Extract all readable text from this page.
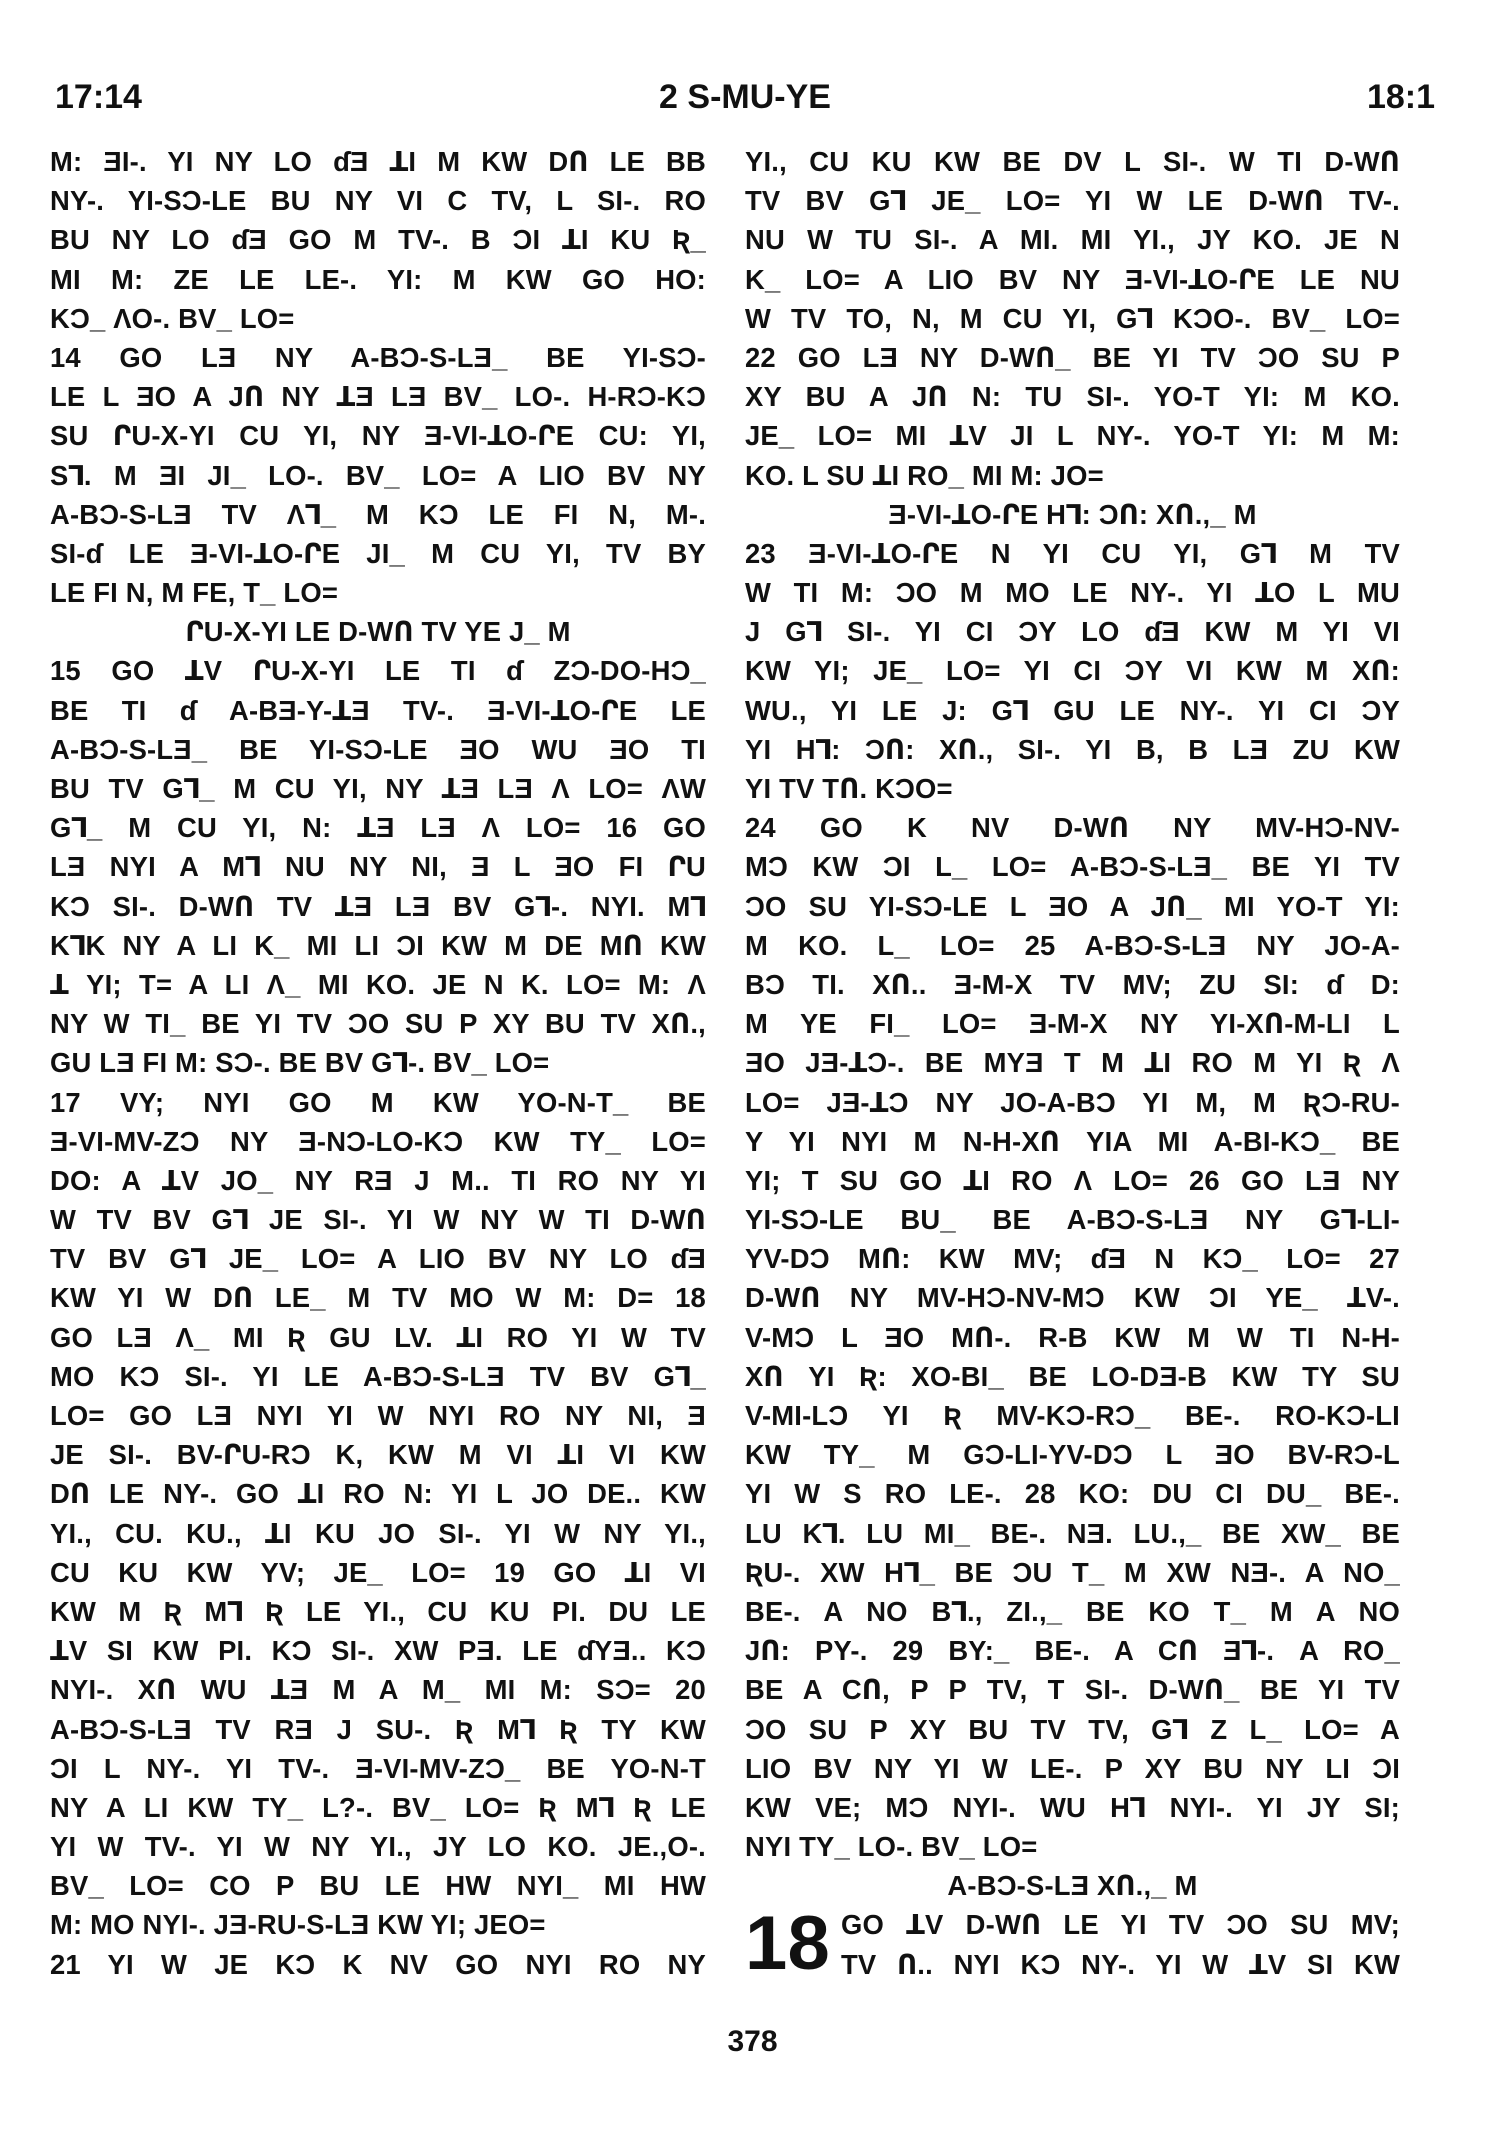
17:14	2 S-MU-YE	18:1
M: ƎI-. YI NY LO ɗƎ ꓕI M KW DՈ LE BB
NY-. YI-SƆ-LE BU NY VI C TV, L SI-. RO
BU NY LO ɗƎ GO M TV-. B ƆI ꓕI KU Ʀ_
MI M: ZE LE LE-. YI: M KW GO HO:
KƆ_ ɅO-. BV_ LO=
14 GO LƎ NY A-BƆ-S-LƎ_ BE YI-SƆ-
LE L ƎO A JՈ NY ꓕƎ LƎ BV_ LO-. H-RƆ-KƆ
SU ՐU-X-YI CU YI, NY Ǝ-VI-ꓕO-ՐE CU: YI,
Sꓶ. M ƎI JI_ LO-. BV_ LO= A LIO BV NY
A-BƆ-S-LƎ TV Ʌꓶ_ M KƆ LE FI N, M-.
SI-ɗ LE Ǝ-VI-ꓕO-ՐE JI_ M CU YI, TV BY
LE FI N, M FE, T_ LO=
ՐU-X-YI LE D-WՈ TV YE J_ M
15 GO ꓕV ՐU-X-YI LE TI ɗ ZƆ-DO-HƆ_
BE TI ɗ A-BƎ-Y-ꓕƎ TV-. Ǝ-VI-ꓕO-ՐE LE
A-BƆ-S-LƎ_ BE YI-SƆ-LE ƎO WU ƎO TI
BU TV Gꓶ_ M CU YI, NY ꓕƎ LƎ Ʌ LO= ɅW
Gꓶ_ M CU YI, N: ꓕƎ LƎ Ʌ LO= 16 GO
LƎ NYI A Mꓶ NU NY NI, Ǝ L ƎO FI ՐU
KƆ SI-. D-WՈ TV ꓕƎ LƎ BV Gꓶ-. NYI. Mꓶ
KꓶK NY A LI K_ MI LI ƆI KW M DE MՈ KW
ꓕ YI; T= A LI Ʌ_ MI KO. JE N K. LO= M: Ʌ
NY W TI_ BE YI TV ƆO SU P XY BU TV XՈ.,
GU LƎ FI M: SƆ-. BE BV Gꓶ-. BV_ LO=
17 VY; NYI GO M KW YO-N-T_ BE
Ǝ-VI-MV-ZƆ NY Ǝ-NƆ-LO-KƆ KW TY_ LO=
DO: A ꓕV JO_ NY RƎ J M.. TI RO NY YI
W TV BV Gꓶ JE SI-. YI W NY W TI D-WՈ
TV BV Gꓶ JE_ LO= A LIO BV NY LO ɗƎ
KW YI W DՈ LE_ M TV MO W M: D= 18
GO LƎ Ʌ_ MI Ʀ GU LV. ꓕI RO YI W TV
MO KƆ SI-. YI LE A-BƆ-S-LƎ TV BV Gꓶ_
LO= GO LƎ NYI YI W NYI RO NY NI, Ǝ
JE SI-. BV-ՐU-RƆ K, KW M VI ꓕI VI KW
DՈ LE NY-. GO ꓕI RO N: YI L JO DE.. KW
YI., CU. KU., ꓕI KU JO SI-. YI W NY YI.,
CU KU KW YV; JE_ LO= 19 GO ꓕI VI
KW M Ʀ Mꓶ Ʀ LE YI., CU KU PI. DU LE
ꓕV SI KW PI. KƆ SI-. XW PƎ. LE ɗYƎ.. KƆ
NYI-. XՈ WU ꓕƎ M A M_ MI M: SƆ= 20
A-BƆ-S-LƎ TV RƎ J SU-. Ʀ Mꓶ Ʀ TY KW
ƆI L NY-. YI TV-. Ǝ-VI-MV-ZƆ_ BE YO-N-T
NY A LI KW TY_ L?-. BV_ LO= Ʀ Mꓶ Ʀ LE
YI W TV-. YI W NY YI., JY LO KO. JE.,O-.
BV_ LO= CO P BU LE HW NYI_ MI HW
M: MO NYI-. JƎ-RU-S-LƎ KW YI; JEO=
21 YI W JE KƆ K NV GO NYI RO NY
YI., CU KU KW BE DV L SI-. W TI D-WՈ
TV BV Gꓶ JE_ LO= YI W LE D-WՈ TV-.
NU W TU SI-. A MI. MI YI., JY KO. JE N
K_ LO= A LIO BV NY Ǝ-VI-ꓕO-ՐE LE NU
W TV TO, N, M CU YI, Gꓶ KƆO-. BV_ LO=
22 GO LƎ NY D-WՈ_ BE YI TV ƆO SU P
XY BU A JՈ N: TU SI-. YO-T YI: M KO.
JE_ LO= MI ꓕV JI L NY-. YO-T YI: M M:
KO. L SU ꓕI RO_ MI M: JO=
Ǝ-VI-ꓕO-ՐE Hꓶ: ƆՈ: XՈ.,_ M
23 Ǝ-VI-ꓕO-ՐE N YI CU YI, Gꓶ M TV
W TI M: ƆO M MO LE NY-. YI ꓕO L MU
J Gꓶ SI-. YI CI ƆY LO ɗƎ KW M YI VI
KW YI; JE_ LO= YI CI ƆY VI KW M XՈ:
WU., YI LE J: Gꓶ GU LE NY-. YI CI ƆY
YI Hꓶ: ƆՈ: XՈ., SI-. YI B, B LƎ ZU KW
YI TV TՈ. KƆO=
24 GO K NV D-WՈ NY MV-HƆ-NV-
MƆ KW ƆI L_ LO= A-BƆ-S-LƎ_ BE YI TV
ƆO SU YI-SƆ-LE L ƎO A JՈ_ MI YO-T YI:
M KO. L_ LO= 25 A-BƆ-S-LƎ NY JO-A-
BƆ TI. XՈ.. Ǝ-M-X TV MV; ZU SI: ɗ D:
M YE FI_ LO= Ǝ-M-X NY YI-XՈ-M-LI L
ƎO JƎ-ꓕƆ-. BE MYƎ T M ꓕI RO M YI Ʀ Ʌ
LO= JƎ-ꓕƆ NY JO-A-BƆ YI M, M ƦƆ-RU-
Y YI NYI M N-H-XՈ YIA MI A-BI-KƆ_ BE
YI; T SU GO ꓕI RO Ʌ LO= 26 GO LƎ NY
YI-SƆ-LE BU_ BE A-BƆ-S-LƎ NY Gꓶ-LI-
YV-DƆ MՈ: KW MV; ɗƎ N KƆ_ LO= 27
D-WՈ NY MV-HƆ-NV-MƆ KW ƆI YE_ ꓕV-.
V-MƆ L ƎO MՈ-. R-B KW M W TI N-H-
XՈ YI Ʀ: XO-BI_ BE LO-DƎ-B KW TY SU
V-MI-LƆ YI Ʀ MV-KƆ-RƆ_ BE-. RO-KƆ-LI
KW TY_ M GƆ-LI-YV-DƆ L ƎO BV-RƆ-L
YI W S RO LE-. 28 KO: DU CI DU_ BE-.
LU Kꓶ. LU MI_ BE-. NƎ. LU.,_ BE XW_ BE
ƦU-. XW Hꓶ_ BE ƆU T_ M XW NƎ-. A NO_
BE-. A NO Bꓶ., ZI.,_ BE KO T_ M A NO
JՈ: PY-. 29 BY:_ BE-. A CՈ Ǝꓶ-. A RO_
BE A CՈ, P P TV, T SI-. D-WՈ_ BE YI TV
ƆO SU P XY BU TV TV, Gꓶ Z L_ LO= A
LIO BV NY YI W LE-. P XY BU NY LI ƆI
KW VE; MƆ NYI-. WU Hꓶ NYI-. YI JY SI;
NYI TY_ LO-. BV_ LO=
A-BƆ-S-LƎ XՈ.,_ M
18 GO ꓕV D-WՈ LE YI TV ƆO SU MV;
TV Ո.. NYI KƆ NY-. YI W ꓕV SI KW
378
